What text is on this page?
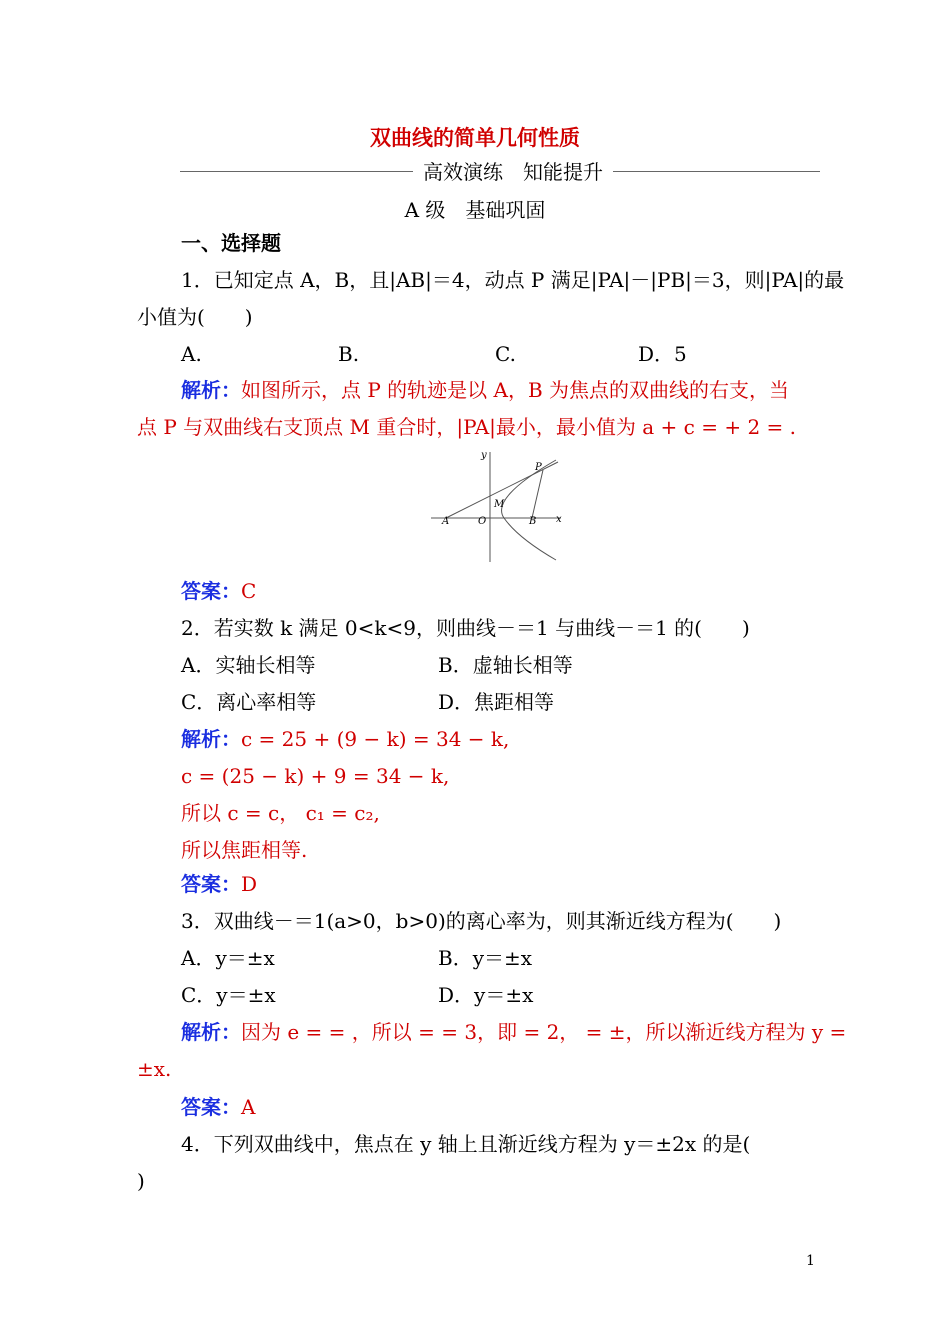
双曲线的简单几何性质
高效演练　知能提升
A 级　基础巩固
一、选择题
1．已知定点 A，B，且|AB|＝4，动点 P 满足|PA|－|PB|＝3，则|PA|的最
小值为(　　)
A.	B.	C.	D．5
解析：如图所示，点 P 的轨迹是以 A，B 为焦点的双曲线的右支，当
点 P 与双曲线右支顶点 M 重合时，|PA|最小，最小值为 a + c = + 2 = .
y
x
A	O
M
B
P
答案：C
2．若实数 k 满足 0<k<9，则曲线－＝1 与曲线－＝1 的(　　)
A．实轴长相等	B．虚轴长相等
C．离心率相等	D．焦距相等
解析：c = 25 + (9 − k) = 34 − k,
c = (25 − k) + 9 = 34 − k,
所以 c = c， c₁ = c₂,
所以焦距相等.
答案：D
3．双曲线－＝1(a>0，b>0)的离心率为，则其渐近线方程为(　　)
A．y＝±x	B．y＝±x
C．y＝±x	D．y＝±x
解析：因为 e = = ，所以 = = 3，即 = 2， = ±，所以渐近线方程为 y =
±x.
答案：A
4．下列双曲线中，焦点在 y 轴上且渐近线方程为 y＝±2x 的是(
)
1
